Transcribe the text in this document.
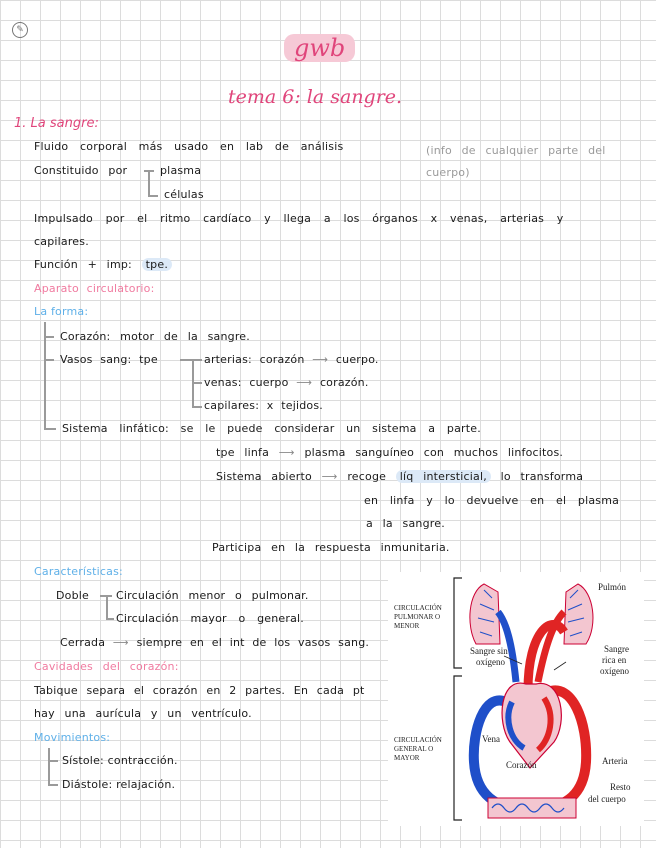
✎
gwb
tema 6: la sangre.
1. La sangre:
Fluido corporal más usado en lab de análisis	(info de cualquier parte del cuerpo)
Constituido por	plasma
células
Impulsado por el ritmo cardíaco y llega a los órganos x venas, arterias y
capilares.
Función + imp: tpe.
Aparato circulatorio:
La forma:
Corazón: motor de la sangre.
Vasos sang: tpe	arterias: corazón ⟶ cuerpo.
venas: cuerpo ⟶ corazón.
capilares: x tejidos.
Sistema linfático: se le puede considerar un sistema a parte.
tpe linfa ⟶ plasma sanguíneo con muchos linfocitos.
Sistema abierto ⟶ recoge líq intersticial, lo transforma
en linfa y lo devuelve en el plasma
a la sangre.
Participa en la respuesta inmunitaria.
Características:
Doble Circulación menor o pulmonar.
Circulación mayor o general.
Cerrada ⟶ siempre en el int de los vasos sang.
Cavidades del corazón:
Tabique separa el corazón en 2 partes. En cada pt
hay una aurícula y un ventrículo.
Movimientos:
Sístole: contracción.
Diástole: relajación.
CIRCULACIÓN
PULMONAR O
MENOR
CIRCULACIÓN
GENERAL O
MAYOR
Pulmón
Sangre sin
oxígeno
Sangre
rica en
oxígeno
Vena
Corazón	Arteria
Resto
del cuerpo
